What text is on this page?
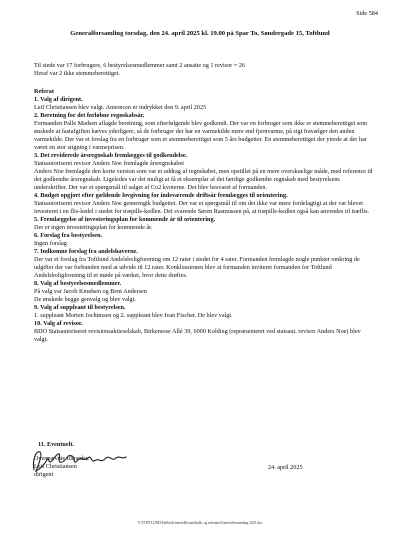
Side 584
Generalforsamling torsdag, den 24. april 2025 kl. 19.00 på Spar To, Søndergade 15, Toftlund
Til stede var 17 forbrugere, 6 bestyrelsesmedlemmer samt 2 ansatte og 1 revisor = 26
Heraf var 2 ikke stemmeberettiget.

Referat

1. Valg af dirigent.

Leif Christiansen blev valgt. Annoncen er indrykket den 9. april 2025

2. Beretning for det forløbne regnskabsår.

Formanden Palle Madsen aflagde beretning, som efterfølgende blev godkendt. Der var en forbruger som ikke er stemmeberettiget som ønskede at fastafgiften hæves yderligere, så de forbruger der har en varmekilde mere end fjernvarme, på sigt fravælger den anden varmekilde. Der var et forslag fra en forbruger som er stemmeberettiget som 5 års budgetter. En stemmeberettiget der ytrede at der har været en stor stigning i varmeprisen.

3. Det reviderede årsregnskab fremlægges til godkendelse.

Statsautoriseret revisor Anders Noe fremlagde årsregnskabet

Anders Noe fremlagde den korte version som var et uddrag af regnskabet, men opstillet på en mere overskuelige måde, med reference til det godkendte årsregnskab. Ligeledes var det muligt at få et eksemplar af det færdige godkendte regnskab med bestyrelsens underskrifter. Der var et spørgsmål til salget af Co2 kvoterne. Det blev besvaret af formanden.

4. Budget opgjort efter gældende lovgivning for indeværende driftsår fremlægges til orientering.

Statsautoriseret revisor Anders Noe gennemgik budgettet. Der var et spørgsmål til om det ikke var mere fordelagtigt at der var blevet investeret i en flis-kedel i stedet for træpille-kedlen. Det svarende Søren Rasmussen på, at træpille-kedlen også kan anvendes til træflis.

5. Fremlæggelse af investeringsplan for kommende år til orientering.

Der er ingen investeringsplan for kommende år.

6. Forslag fra bestyrelsen.

Ingen forslag

7. Indkomne forslag fra andelshaverne.

Der var et forslag fra Toftlund Andelsboligforening om 12 rater i stedet for 4 rater. Formanden fremlagde nogle punkter omkring de udgifter der var forbunden med at udvide til 12 rater. Konklussionen blev at formanden inviteret formanden for Toftlund Andelsboligforening til et møde på værket, hvor dette drøftes.

8. Valg af bestyrelsesmedlemmer.

På valg var Jacob Knudsen og Bent Andersen

De ønskede begge genvalg og blev valgt.

9. Valg af suppleant til bestyrelsen.

1. suppleant Morten Jochimsen og 2. suppleant blev Ivan Fischer. De blev valgt.

10. Valg af revisor.

BDO Statsautoriseret revisionsaktieselskab, Birkemose Allé 39, 6000 Kolding (repræsenteret ved statsaut. revisor Anders Noe) blev valgt.

11. Eventuelt.

Ovennævnte tiltrædes.

Leif Christiansen

dirigent

24. april 2025
Y:\TOFTLUND\Fælles\Kirsten\Kirsten\Indk. og referater\Generalforsamling 2025.doc
